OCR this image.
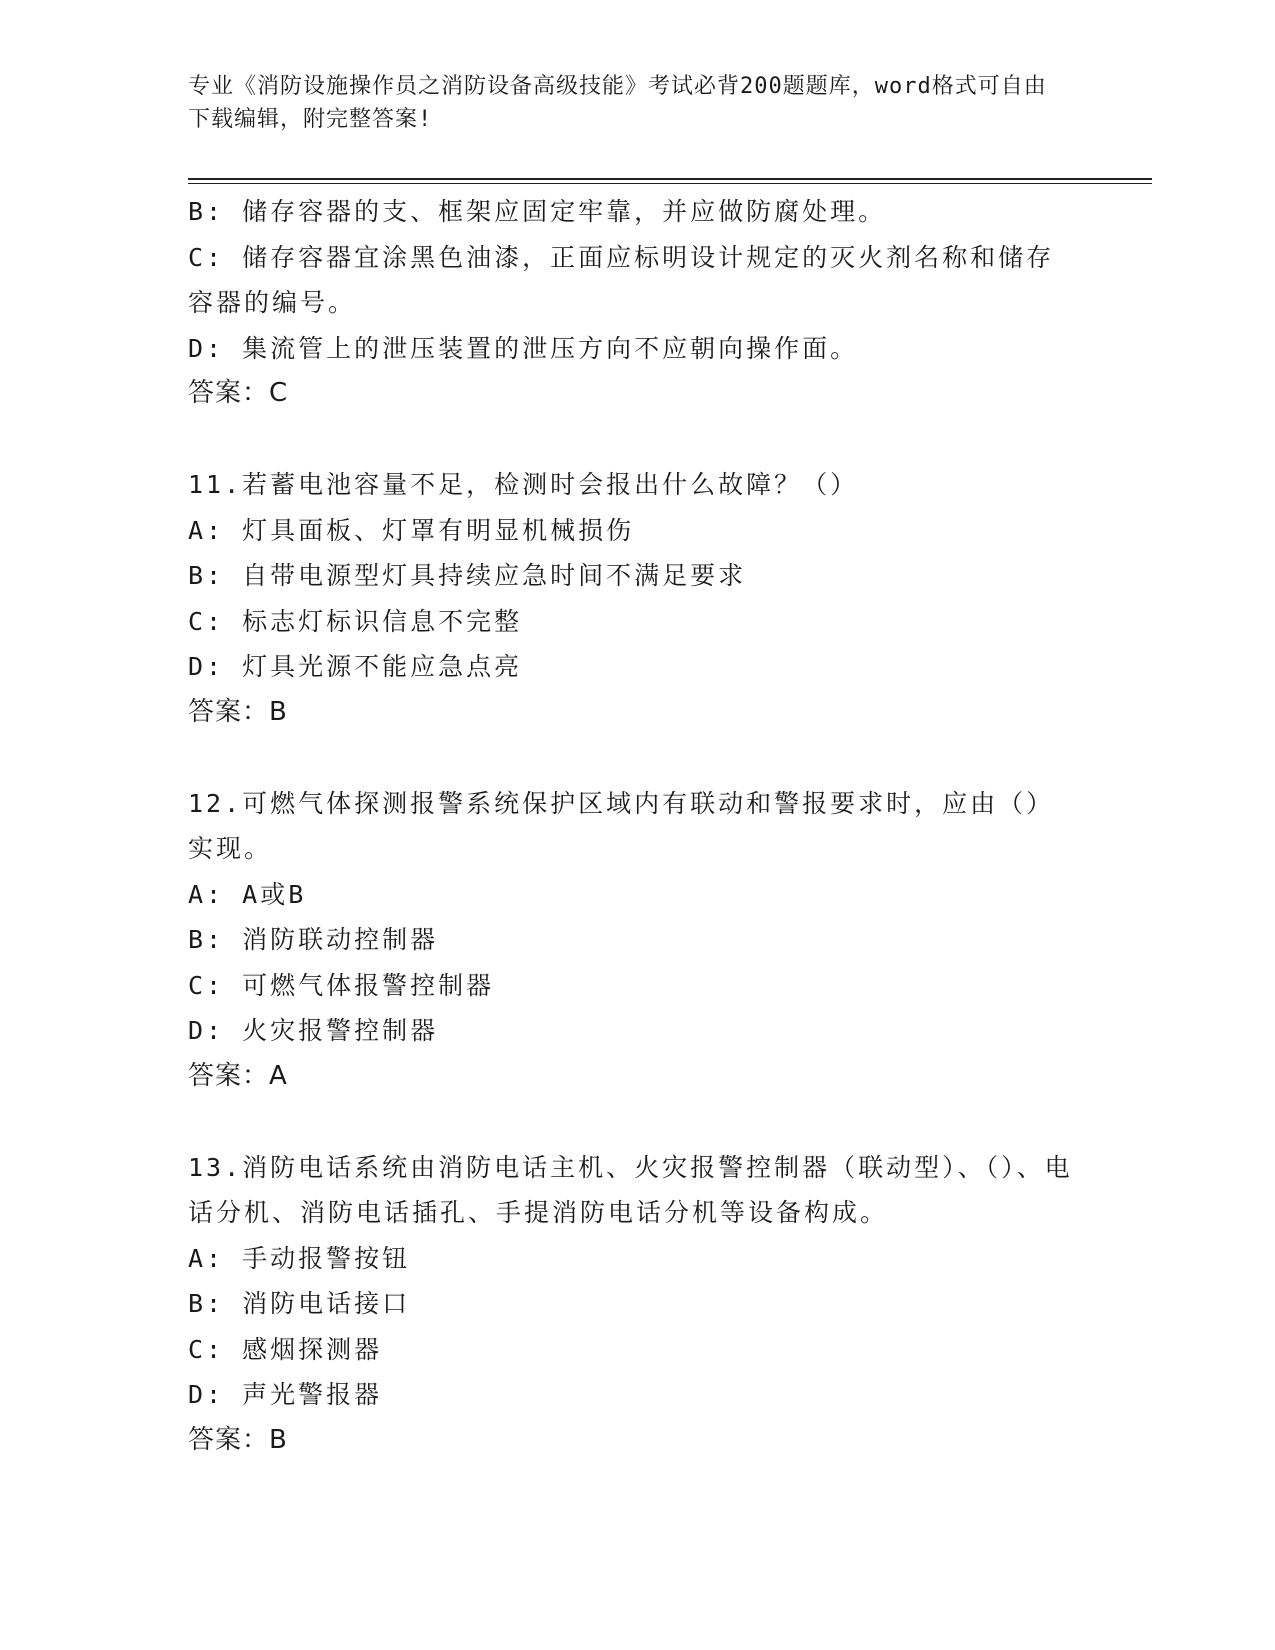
专业《消防设施操作员之消防设备高级技能》考试必背200题题库，word格式可自由下载编辑，附完整答案!
B: 储存容器的支、框架应固定牢靠，并应做防腐处理。
C: 储存容器宜涂黑色油漆，正面应标明设计规定的灭火剂名称和储存容器的编号。
D: 集流管上的泄压装置的泄压方向不应朝向操作面。
答案：C
11.若蓄电池容量不足，检测时会报出什么故障？（）
A: 灯具面板、灯罩有明显机械损伤
B: 自带电源型灯具持续应急时间不满足要求
C: 标志灯标识信息不完整
D: 灯具光源不能应急点亮
答案：B
12.可燃气体探测报警系统保护区域内有联动和警报要求时，应由（）实现。
A: A或B
B: 消防联动控制器
C: 可燃气体报警控制器
D: 火灾报警控制器
答案：A
13.消防电话系统由消防电话主机、火灾报警控制器（联动型）、（）、电话分机、消防电话插孔、手提消防电话分机等设备构成。
A: 手动报警按钮
B: 消防电话接口
C: 感烟探测器
D: 声光警报器
答案：B
